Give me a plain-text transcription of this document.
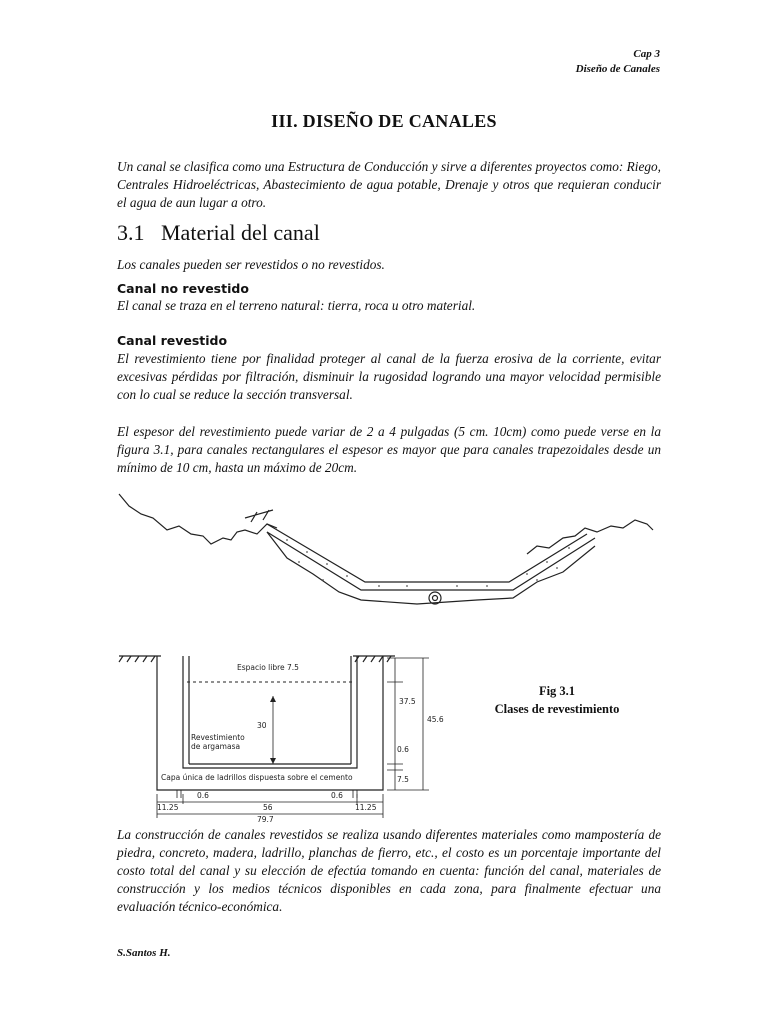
Cap 3
Diseño de Canales
III. DISEÑO DE CANALES
Un canal se clasifica como una Estructura de Conducción y sirve a diferentes proyectos como: Riego, Centrales Hidroeléctricas, Abastecimiento de agua potable, Drenaje y otros que requieran conducir el agua de aun lugar a otro.
3.1 Material del canal
Los canales pueden ser revestidos o no revestidos.
Canal no revestido
El canal se traza en el terreno natural: tierra, roca u otro material.
Canal revestido
El revestimiento tiene por finalidad proteger al canal de la fuerza erosiva de la corriente, evitar excesivas pérdidas por filtración, disminuir la rugosidad logrando una mayor velocidad permisible con lo cual se reduce la sección transversal.
El espesor del revestimiento puede variar de 2 a 4 pulgadas (5 cm. 10cm) como puede verse en la figura 3.1, para canales rectangulares el espesor es mayor que para canales trapezoidales desde un mínimo de 10 cm, hasta un máximo de 20cm.
Espacio libre 7.5
30
Revestimiento
de argamasa
Capa única de ladrillos dispuesta sobre el cemento
37.5
45.6
0.6
7.5
0.6	0.6
11.25	56	11.25
79.7
Fig 3.1
Clases de revestimiento
La construcción de canales revestidos se realiza usando diferentes materiales como mampostería de piedra, concreto, madera, ladrillo, planchas de fierro, etc., el costo es un porcentaje importante del costo total del canal y su elección de efectúa tomando en cuenta: función del canal, materiales de construcción y los medios técnicos disponibles en cada zona, para finalmente efectuar una evaluación técnico-económica.
S.Santos H.
